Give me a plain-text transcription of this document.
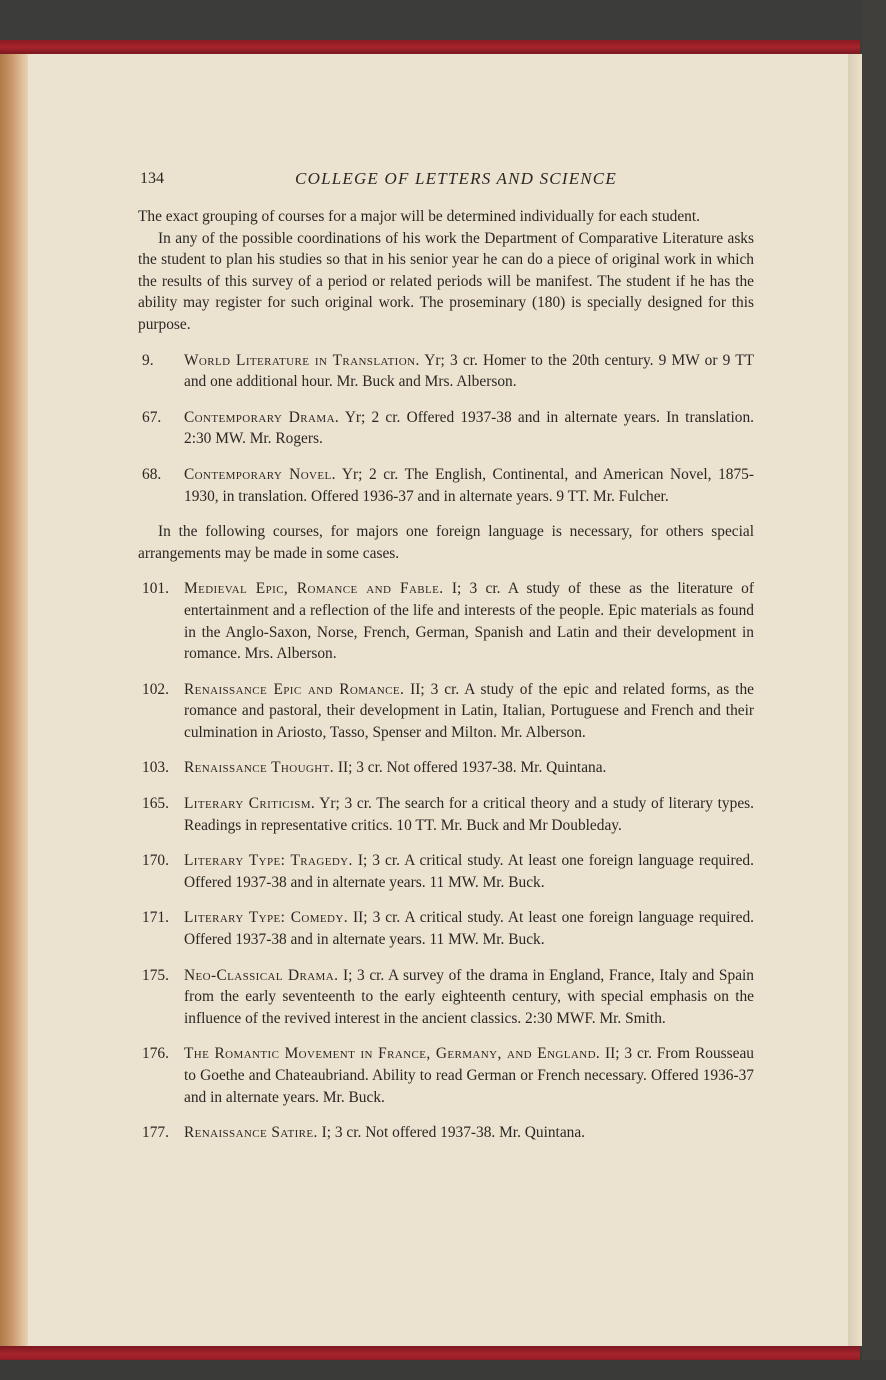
134	COLLEGE OF LETTERS AND SCIENCE

The exact grouping of courses for a major will be determined individually for each student.

In any of the possible coordinations of his work the Department of Comparative Literature asks the student to plan his studies so that in his senior year he can do a piece of original work in which the results of this survey of a period or related periods will be manifest. The student if he has the ability may register for such original work. The proseminary (180) is specially designed for this purpose.

9.	World Literature in Translation. Yr; 3 cr. Homer to the 20th century. 9 MW or 9 TT and one additional hour. Mr. Buck and Mrs. Alberson.
67.	Contemporary Drama. Yr; 2 cr. Offered 1937-38 and in alternate years. In translation. 2:30 MW. Mr. Rogers.
68.	Contemporary Novel. Yr; 2 cr. The English, Continental, and American Novel, 1875-1930, in translation. Offered 1936-37 and in alternate years. 9 TT. Mr. Fulcher.

In the following courses, for majors one foreign language is necessary, for others special arrangements may be made in some cases.

101. Medieval Epic, Romance and Fable. I; 3 cr. A study of these as the literature of entertainment and a reflection of the life and interests of the people. Epic materials as found in the Anglo-Saxon, Norse, French, German, Spanish and Latin and their development in romance. Mrs. Alberson.
102. Renaissance Epic and Romance. II; 3 cr. A study of the epic and related forms, as the romance and pastoral, their development in Latin, Italian, Portuguese and French and their culmination in Ariosto, Tasso, Spenser and Milton. Mr. Alberson.
103. Renaissance Thought. II; 3 cr. Not offered 1937-38. Mr. Quintana.
165. Literary Criticism. Yr; 3 cr. The search for a critical theory and a study of literary types. Readings in representative critics. 10 TT. Mr. Buck and Mr Doubleday.
170. Literary Type: Tragedy. I; 3 cr. A critical study. At least one foreign language required. Offered 1937-38 and in alternate years. 11 MW. Mr. Buck.
171. Literary Type: Comedy. II; 3 cr. A critical study. At least one foreign language required. Offered 1937-38 and in alternate years. 11 MW. Mr. Buck.
175. Neo-Classical Drama. I; 3 cr. A survey of the drama in England, France, Italy and Spain from the early seventeenth to the early eighteenth century, with special emphasis on the influence of the revived interest in the ancient classics. 2:30 MWF. Mr. Smith.
176. The Romantic Movement in France, Germany, and England. II; 3 cr. From Rousseau to Goethe and Chateaubriand. Ability to read German or French necessary. Offered 1936-37 and in alternate years. Mr. Buck.
177. Renaissance Satire. I; 3 cr. Not offered 1937-38. Mr. Quintana.
